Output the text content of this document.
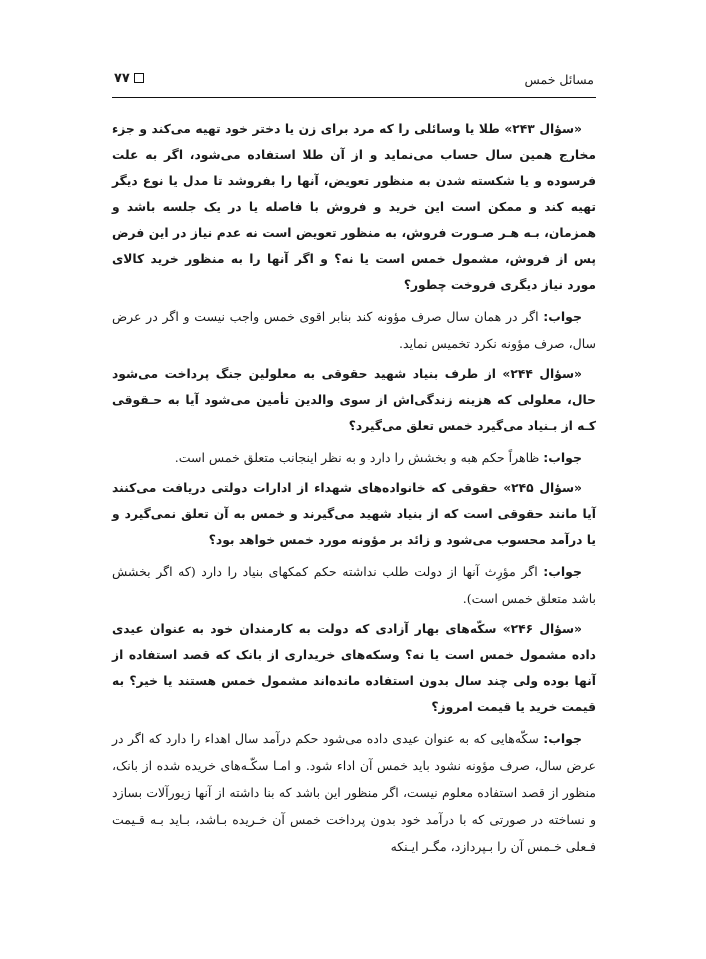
مسائل خمس
۷۷

«سؤال ۲۴۳» طلا یا وسائلی را که مرد برای زن یا دختر خود تهیه می‌کند و جزء مخارج همین سال حساب می‌نماید و از آن طلا استفاده می‌شود، اگر به علت فرسوده و یا شکسته شدن به منظور تعویض، آنها را بفروشد تا مدل یا نوع دیگر تهیه کند و ممکن است این خرید و فروش با فاصله یا در یک جلسه باشد و همزمان، بـه هـر صـورت فروش، به منظور تعویض است نه عدم نیاز در این فرض پس از فروش، مشمول خمس است یا نه؟ و اگر آنها را به منظور خرید کالای مورد نیاز دیگری فروخت چطور؟

جواب: اگر در همان سال صرف مؤونه کند بنابر اقوی خمس واجب نیست و اگر در عرض سال، صرف مؤونه نکرد تخمیس نماید.

«سؤال ۲۴۴» از طرف بنیاد شهید حقوقی به معلولین جنگ پرداخت می‌شود حال، معلولی که هزینه زندگی‌اش از سوی والدین تأمین می‌شود آیا به حـقوقی کـه از بـنیاد می‌گیرد خمس تعلق می‌گیرد؟

جواب: ظاهراً حکم هبه و بخشش را دارد و به نظر اینجانب متعلق خمس است.

«سؤال ۲۴۵» حقوقی که خانواده‌های شهداء از ادارات دولتی دریافت می‌کنند آیا مانند حقوقی است که از بنیاد شهید می‌گیرند و خمس به آن تعلق نمی‌گیرد و یا درآمد محسوب می‌شود و زائد بر مؤونه مورد خمس خواهد بود؟

جواب: اگر مؤرِث آنها از دولت طلب نداشته حکم کمکهای بنیاد را دارد (که اگر بخشش باشد متعلق خمس است).

«سؤال ۲۴۶» سکّه‌های بهار آزادی که دولت به کارمندان خود به عنوان عیدی داده مشمول خمس است یا نه؟ وسکه‌های خریداری از بانک که قصد استفاده از آنها بوده ولی چند سال بدون استفاده مانده‌اند مشمول خمس هستند یا خیر؟ به قیمت خرید یا قیمت امروز؟

جواب: سکّه‌هایی که به عنوان عیدی داده می‌شود حکم درآمد سال اهداء را دارد که اگر در عرض سال، صرف مؤونه نشود باید خمس آن اداء شود. و امـا سکّـه‌های خریده شده از بانک، منظور از قصد استفاده معلوم نیست، اگر منظور این باشد که بنا داشته از آنها زیورآلات بسازد و نساخته در صورتی که با درآمد خود بدون پرداخت خمس آن خـریده بـاشد، بـاید بـه قـیمت فـعلی خـمس آن را بـپردازد، مگـر ایـنکه
